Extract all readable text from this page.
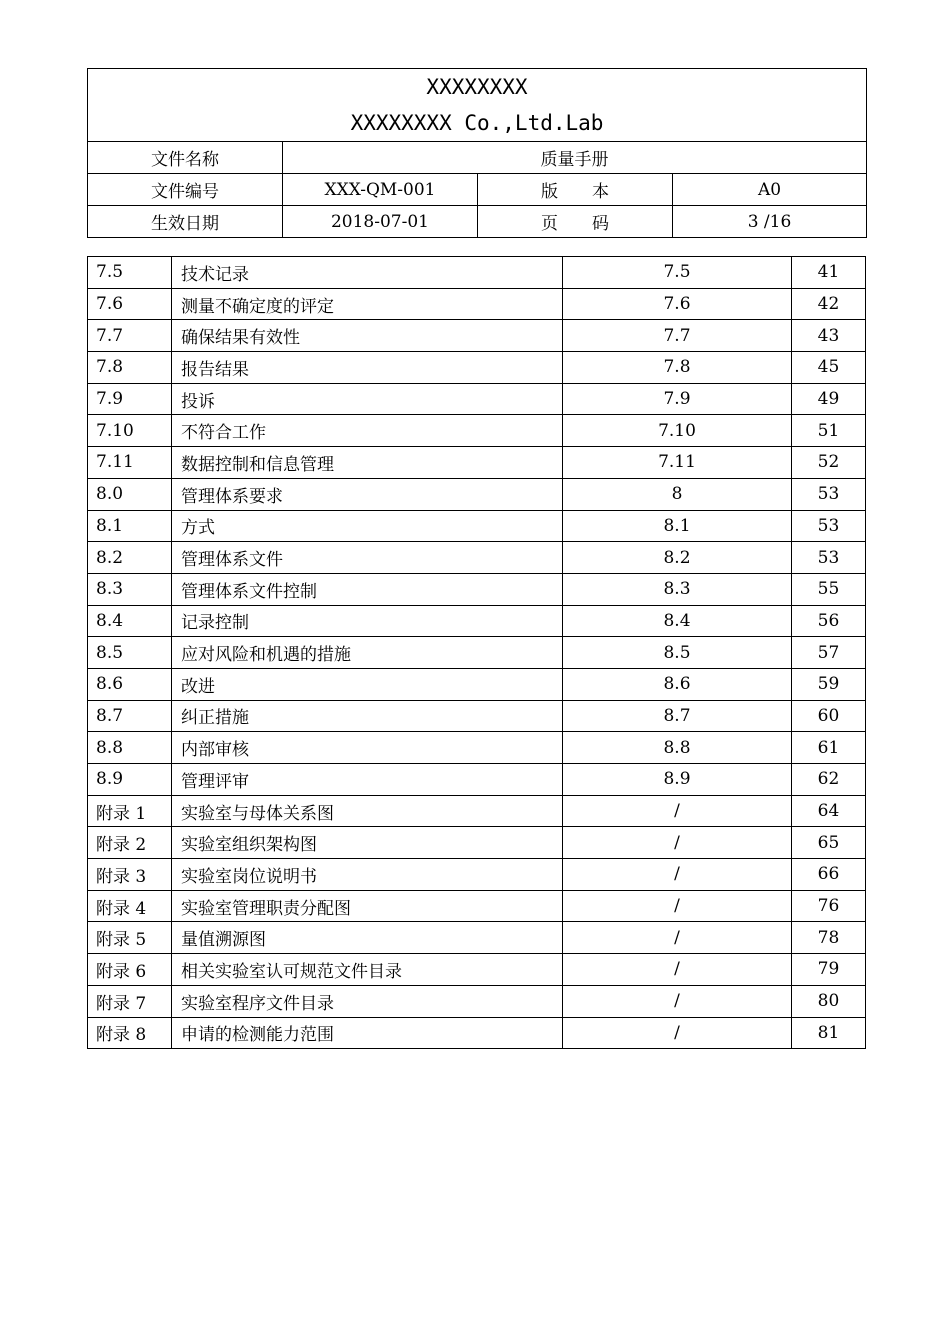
XXXXXXXX
XXXXXXXX Co.,Ltd.Lab			

文件名称	质量手册		
文件编号	XXX-QM-001	版　　本	A0
生效日期	2018-07-01	页　　码	3 /16
7.5	技术记录	7.5	41
7.6	测量不确定度的评定	7.6	42
7.7	确保结果有效性	7.7	43
7.8	报告结果	7.8	45
7.9	投诉	7.9	49
7.10	不符合工作	7.10	51
7.11	数据控制和信息管理	7.11	52
8.0	管理体系要求	8	53
8.1	方式	8.1	53
8.2	管理体系文件	8.2	53
8.3	管理体系文件控制	8.3	55
8.4	记录控制	8.4	56
8.5	应对风险和机遇的措施	8.5	57
8.6	改进	8.6	59
8.7	纠正措施	8.7	60
8.8	内部审核	8.8	61
8.9	管理评审	8.9	62
附录 1	实验室与母体关系图	/	64
附录 2	实验室组织架构图	/	65
附录 3	实验室岗位说明书	/	66
附录 4	实验室管理职责分配图	/	76
附录 5	量值溯源图	/	78
附录 6	相关实验室认可规范文件目录	/	79
附录 7	实验室程序文件目录	/	80
附录 8	申请的检测能力范围	/	81
